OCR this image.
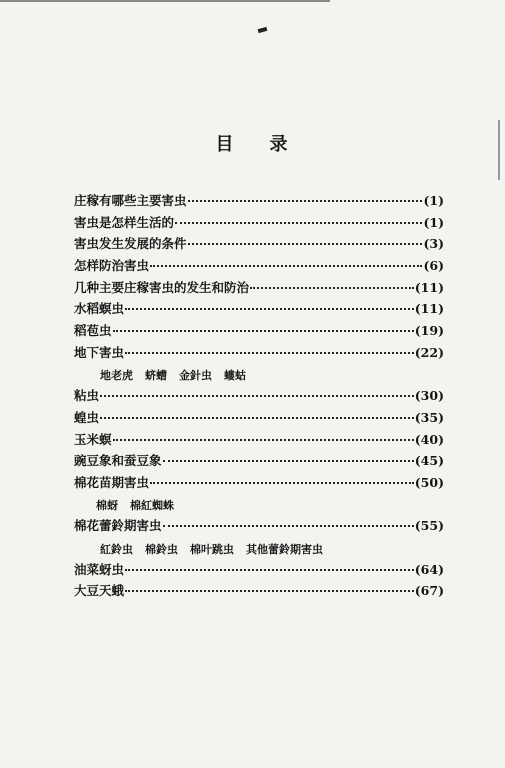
目 录
庄稼有哪些主要害虫	(1)
害虫是怎样生活的	(1)
害虫发生发展的条件	(3)
怎样防治害虫	(6)
几种主要庄稼害虫的发生和防治	(11)
水稻螟虫	(11)
稻苞虫	(19)
地下害虫	(22)
地老虎 蛴螬 金針虫 螻蛄
粘虫	(30)
蝗虫	(35)
玉米螟	(40)
豌豆象和蚕豆象	(45)
棉花苗期害虫	(50)
棉蚜 棉紅蜘蛛
棉花蕾鈴期害虫	(55)
紅鈴虫 棉鈴虫 棉叶跳虫 其他蕾鈴期害虫
油菜蚜虫	(64)
大豆天蛾	(67)
